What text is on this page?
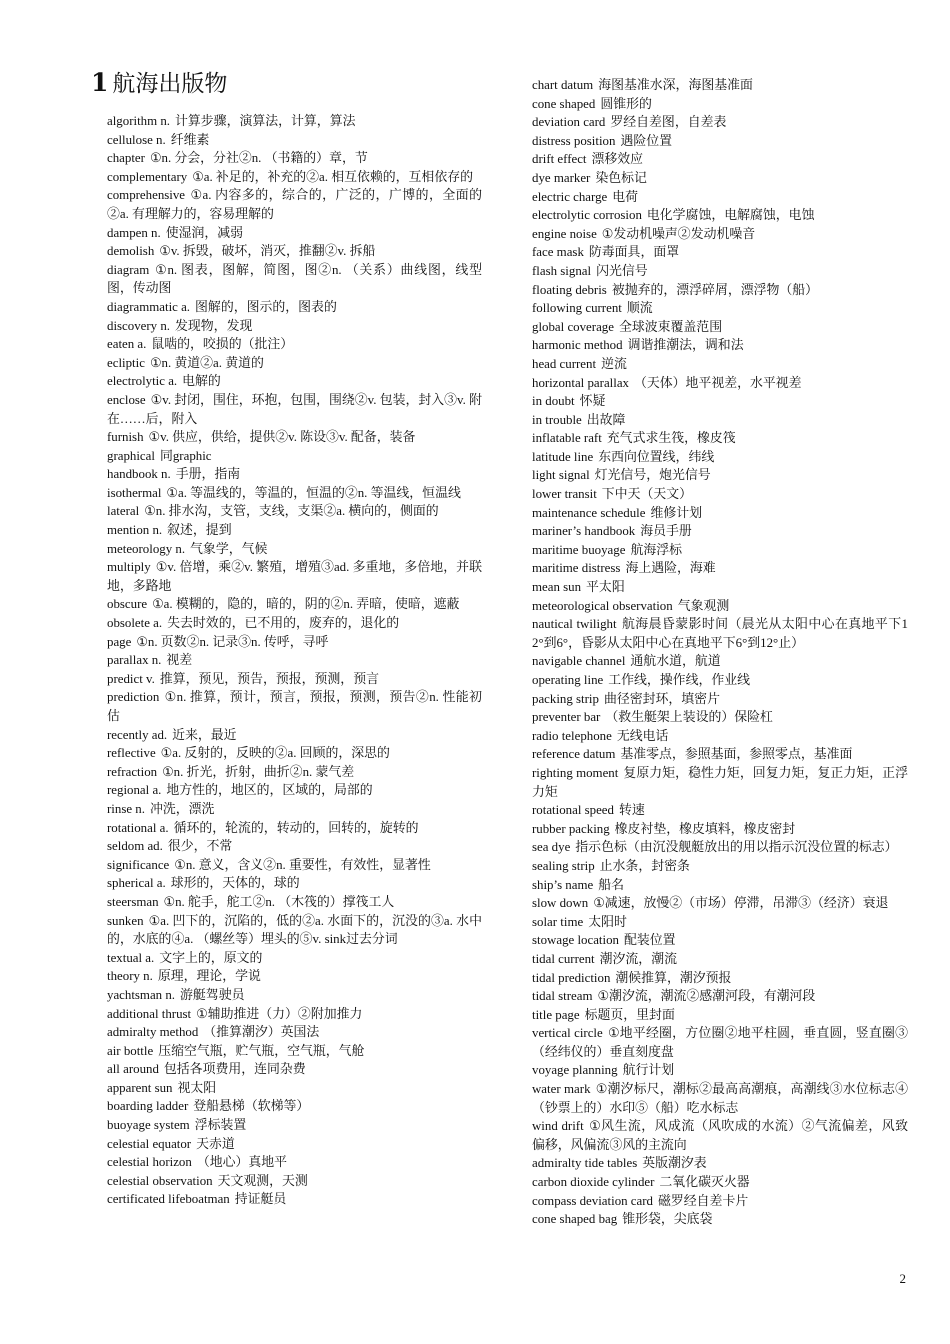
1 航海出版物
algorithm n. 计算步骤，演算法，计算，算法
cellulose n. 纤维素
chapter ①n. 分会，分社②n. （书籍的）章，节
complementary ①a. 补足的，补充的②a. 相互依赖的，互相依存的
comprehensive ①a. 内容多的，综合的，广泛的，广博的，全面的②a. 有理解力的，容易理解的
dampen n. 使湿润，减弱
demolish ①v. 拆毁，破坏，消灭，推翻②v. 拆船
diagram ①n. 图表，图解，简图，图②n. （关系）曲线图，线型图，传动图
diagrammatic a. 图解的，图示的，图表的
discovery n. 发现物，发现
eaten a. 鼠啮的，咬损的（批注）
ecliptic ①n. 黄道②a. 黄道的
electrolytic a. 电解的
enclose ①v. 封闭，围住，环抱，包围，围绕②v. 包装，封入③v. 附在……后，附入
furnish ①v. 供应，供给，提供②v. 陈设③v. 配备，装备
graphical 同graphic
handbook n. 手册，指南
isothermal ①a. 等温线的，等温的，恒温的②n. 等温线，恒温线
lateral ①n. 排水沟，支管，支线，支渠②a. 横向的，侧面的
mention n. 叙述，提到
meteorology n. 气象学，气候
multiply ①v. 倍增，乘②v. 繁殖，增殖③ad. 多重地，多倍地，并联地，多路地
obscure ①a. 模糊的，隐的，暗的，阴的②n. 弄暗，使暗，遮蔽
obsolete a. 失去时效的，已不用的，废弃的，退化的
page ①n. 页数②n. 记录③n. 传呼，寻呼
parallax n. 视差
predict v. 推算，预见，预告，预报，预测，预言
prediction ①n. 推算，预计，预言，预报，预测，预告②n. 性能初估
recently ad. 近来，最近
reflective ①a. 反射的，反映的②a. 回顾的，深思的
refraction ①n. 折光，折射，曲折②n. 蒙气差
regional a. 地方性的，地区的，区域的，局部的
rinse n. 冲洗，漂洗
rotational a. 循环的，轮流的，转动的，回转的，旋转的
seldom ad. 很少，不常
significance ①n. 意义，含义②n. 重要性，有效性，显著性
spherical a. 球形的，天体的，球的
steersman ①n. 舵手，舵工②n. （木筏的）撑筏工人
sunken ①a. 凹下的，沉陷的，低的②a. 水面下的，沉没的③a. 水中的，水底的④a. （螺丝等）埋头的⑤v. sink过去分词
textual a. 文字上的，原文的
theory n. 原理，理论，学说
yachtsman n. 游艇驾驶员
additional thrust ①辅助推进（力）②附加推力
admiralty method （推算潮汐）英国法
air bottle 压缩空气瓶，贮气瓶，空气瓶，气舱
all around 包括各项费用，连同杂费
apparent sun 视太阳
boarding ladder 登船悬梯（软梯等）
buoyage system 浮标装置
celestial equator 天赤道
celestial horizon （地心）真地平
celestial observation 天文观测，天测
certificated lifeboatman 持证艇员
chart datum 海图基准水深，海图基准面
cone shaped 圆锥形的
deviation card 罗经自差图，自差表
distress position 遇险位置
drift effect 漂移效应
dye marker 染色标记
electric charge 电荷
electrolytic corrosion 电化学腐蚀，电解腐蚀，电蚀
engine noise ①发动机噪声②发动机噪音
face mask 防毒面具，面罩
flash signal 闪光信号
floating debris 被抛弃的，漂浮碎屑，漂浮物（船）
following current 顺流
global coverage 全球波束覆盖范围
harmonic method 调谐推潮法，调和法
head current 逆流
horizontal parallax （天体）地平视差，水平视差
in doubt 怀疑
in trouble 出故障
inflatable raft 充气式求生筏，橡皮筏
latitude line 东西向位置线，纬线
light signal 灯光信号，炮光信号
lower transit 下中天（天文）
maintenance schedule 维修计划
mariner’s handbook 海员手册
maritime buoyage 航海浮标
maritime distress 海上遇险，海难
mean sun 平太阳
meteorological observation 气象观测
nautical twilight 航海晨昏蒙影时间（晨光从太阳中心在真地平下12°到6°，昏影从太阳中心在真地平下6°到12°止）
navigable channel 通航水道，航道
operating line 工作线，操作线，作业线
packing strip 曲径密封环，填密片
preventer bar （救生艇架上装设的）保险杠
radio telephone 无线电话
reference datum 基准零点，参照基面，参照零点，基准面
righting moment 复原力矩，稳性力矩，回复力矩，复正力矩，正浮力矩
rotational speed 转速
rubber packing 橡皮衬垫，橡皮填料，橡皮密封
sea dye 指示色标（由沉没舰艇放出的用以指示沉没位置的标志）
sealing strip 止水条，封密条
ship’s name 船名
slow down ①减速，放慢②（市场）停滞，吊滞③（经济）衰退
solar time 太阳时
stowage location 配装位置
tidal current 潮汐流，潮流
tidal prediction 潮候推算，潮汐预报
tidal stream ①潮汐流，潮流②感潮河段，有潮河段
title page 标题页，里封面
vertical circle ①地平经圈，方位圈②地平柱圆，垂直圆，竖直圈③（经纬仪的）垂直刻度盘
voyage planning 航行计划
water mark ①潮汐标尺，潮标②最高高潮痕，高潮线③水位标志④（钞票上的）水印⑤（船）吃水标志
wind drift ①风生流，风成流（风吹成的水流）②气流偏差，风致偏移，风偏流③风的主流向
admiralty tide tables 英版潮汐表
carbon dioxide cylinder 二氧化碳灭火器
compass deviation card 磁罗经自差卡片
cone shaped bag 锥形袋，尖底袋
2
